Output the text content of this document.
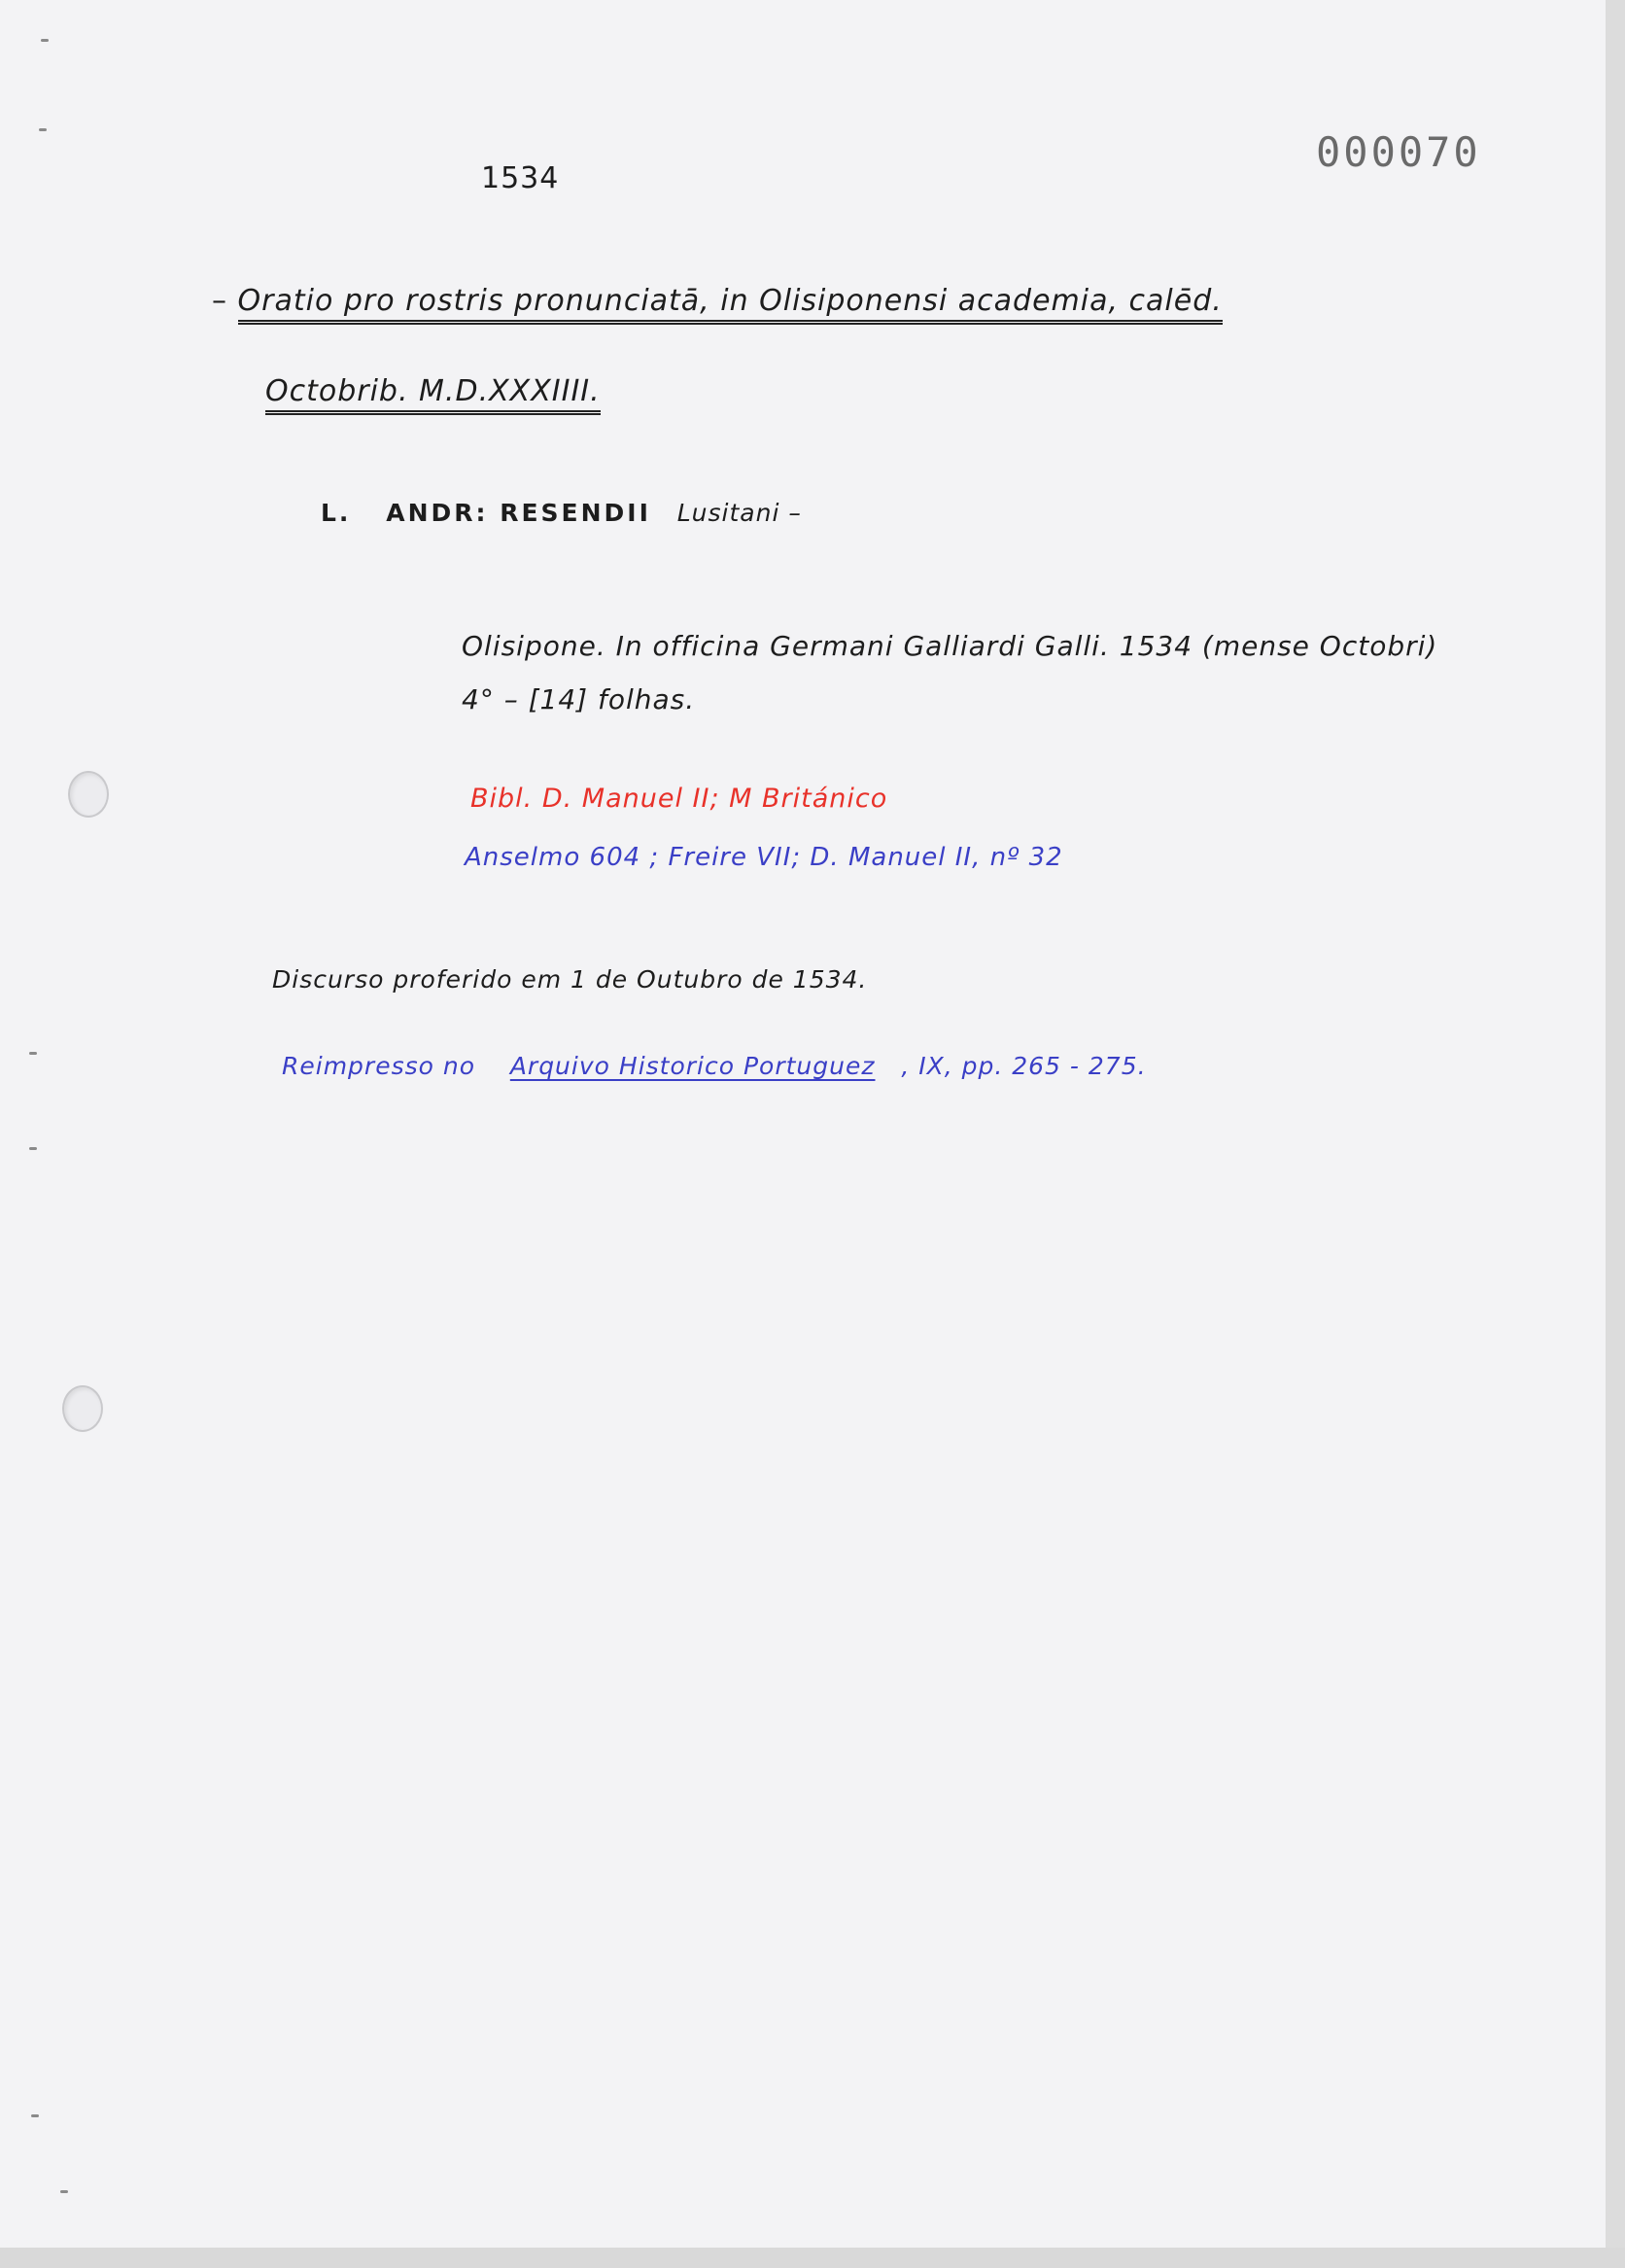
000070
1534
– Oratio pro rostris pronunciatā, in Olisiponensi academia, calēd.
Octobrib. M.D.XXXIIII.
L. ANDR: RESENDII Lusitani –
Olisipone. In officina Germani Galliardi Galli. 1534 (mense Octobri)
4° – [14] folhas.
Bibl. D. Manuel II; M Británico
Anselmo 604 ; Freire VII; D. Manuel II, nº 32
Discurso proferido em 1 de Outubro de 1534.
Reimpresso no Arquivo Historico Portuguez , IX, pp. 265 - 275.
